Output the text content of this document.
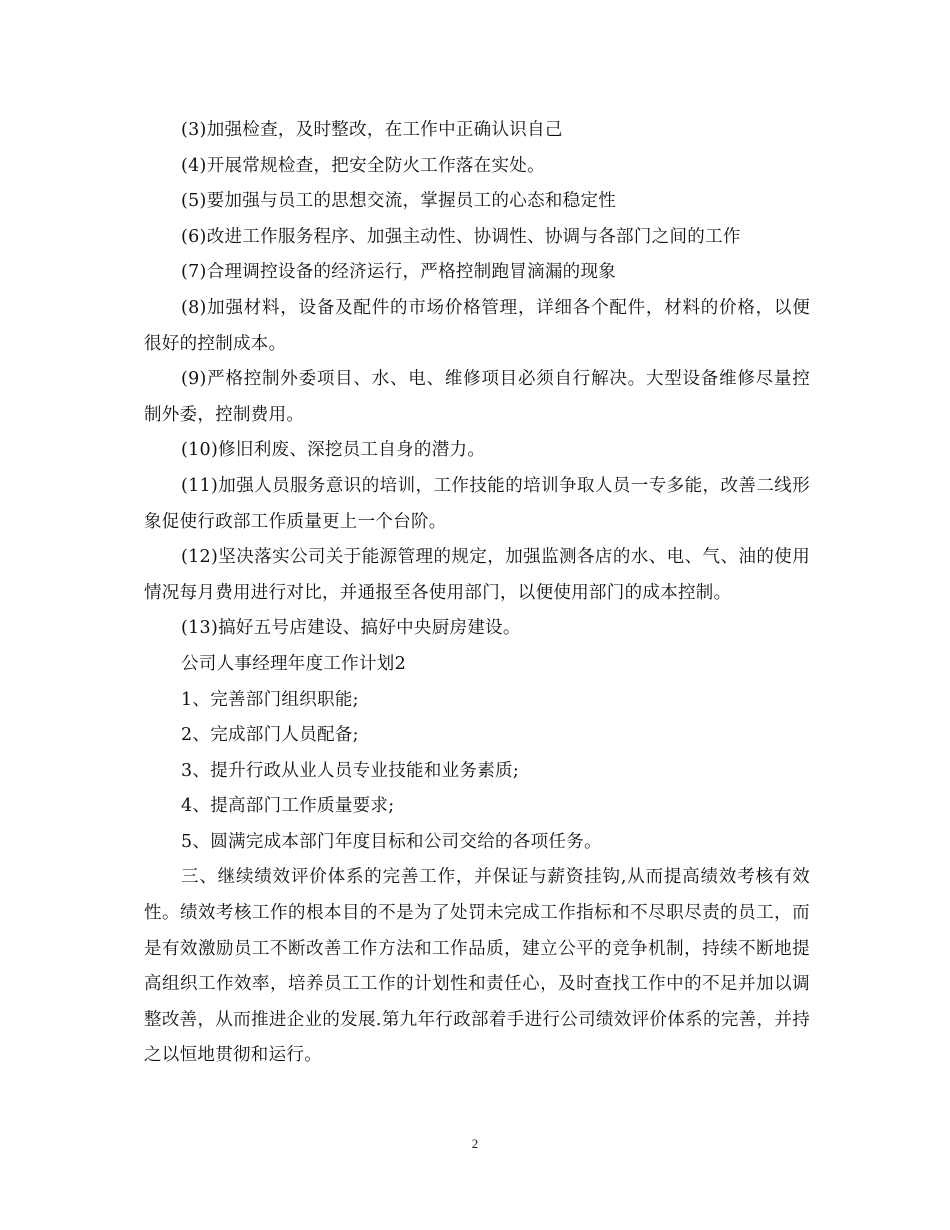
(3)加强检查，及时整改，在工作中正确认识自己

(4)开展常规检查，把安全防火工作落在实处。

(5)要加强与员工的思想交流，掌握员工的心态和稳定性

(6)改进工作服务程序、加强主动性、协调性、协调与各部门之间的工作

(7)合理调控设备的经济运行，严格控制跑冒滴漏的现象

(8)加强材料，设备及配件的市场价格管理，详细各个配件，材料的价格，以便很好的控制成本。

(9)严格控制外委项目、水、电、维修项目必须自行解决。大型设备维修尽量控制外委，控制费用。

(10)修旧利废、深挖员工自身的潜力。

(11)加强人员服务意识的培训，工作技能的培训争取人员一专多能，改善二线形象促使行政部工作质量更上一个台阶。

(12)坚决落实公司关于能源管理的规定，加强监测各店的水、电、气、油的使用情况每月费用进行对比，并通报至各使用部门，以便使用部门的成本控制。

(13)搞好五号店建设、搞好中央厨房建设。

公司人事经理年度工作计划2

1、完善部门组织职能;

2、完成部门人员配备;

3、提升行政从业人员专业技能和业务素质;

4、提高部门工作质量要求;

5、圆满完成本部门年度目标和公司交给的各项任务。

三、继续绩效评价体系的完善工作，并保证与薪资挂钩,从而提高绩效考核有效性。绩效考核工作的根本目的不是为了处罚未完成工作指标和不尽职尽责的员工，而是有效激励员工不断改善工作方法和工作品质，建立公平的竞争机制，持续不断地提高组织工作效率，培养员工工作的计划性和责任心，及时查找工作中的不足并加以调整改善，从而推进企业的发展.第九年行政部着手进行公司绩效评价体系的完善，并持之以恒地贯彻和运行。

2
